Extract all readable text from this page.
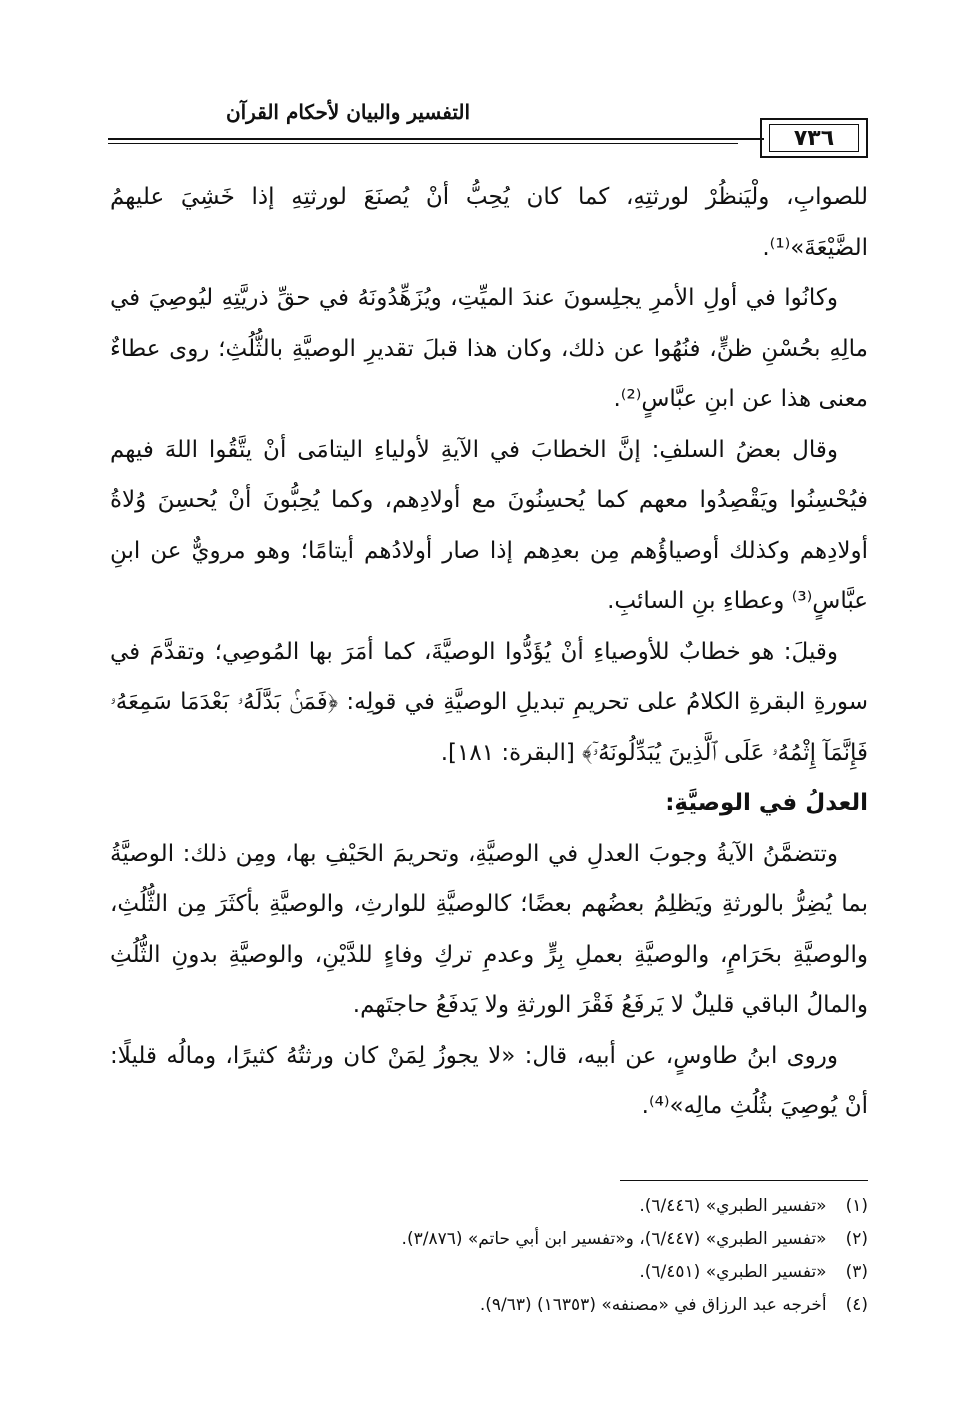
التفسير والبيان لأحكام القرآن
٧٣٦

للصوابِ، ولْيَنظُرْ لورثتِهِ، كما كان يُحِبُّ أنْ يُصنَعَ لورثتِهِ إذا خَشِيَ عليهمُ الضَّيْعَةَ»⁽¹⁾.

وكانُوا في أولِ الأمرِ يجلِسونَ عندَ الميِّتِ، ويُزَهِّدُونَهُ في حقِّ ذريَّتِهِ ليُوصِيَ في مالِهِ بحُسْنِ ظنٍّ، فنُهُوا عن ذلك، وكان هذا قبلَ تقديرِ الوصيَّةِ بالثُّلُثِ؛ روى عطاءٌ معنى هذا عن ابنِ عبَّاسٍ⁽²⁾.

وقال بعضُ السلفِ: إنَّ الخطابَ في الآيةِ لأولياءِ اليتامَى أنْ يتَّقُوا اللهَ فيهم فيُحْسِنُوا ويَقْصِدُوا معهم كما يُحسِنُونَ مع أولادِهم، وكما يُحِبُّونَ أنْ يُحسِنَ وُلاةُ أولادِهم وكذلك أوصياؤُهم مِن بعدِهم إذا صار أولادُهم أيتامًا؛ وهو مرويٌّ عن ابنِ عبَّاسٍ⁽³⁾ وعطاءِ بنِ السائبِ.

وقيلَ: هو خطابٌ للأوصياءِ أنْ يُؤَدُّوا الوصيَّةَ، كما أمَرَ بها المُوصِي؛ وتقدَّمَ في سورةِ البقرةِ الكلامُ على تحريمِ تبديلِ الوصيَّةِ في قولِه: ﴿فَمَنۢ بَدَّلَهُۥ بَعْدَمَا سَمِعَهُۥ فَإِنَّمَآ إِثْمُهُۥ عَلَى ٱلَّذِينَ يُبَدِّلُونَهُۥٓ﴾ [البقرة: ١٨١].

العدلُ في الوصيَّةِ:

وتتضمَّنُ الآيةُ وجوبَ العدلِ في الوصيَّةِ، وتحريمَ الحَيْفِ بها، ومِن ذلك: الوصيَّةُ بما يُضِرُّ بالورثةِ ويَظلِمُ بعضُهم بعضًا؛ كالوصيَّةِ للوارثِ، والوصيَّةِ بأكثَرَ مِن الثُّلُثِ، والوصيَّةِ بحَرَامٍ، والوصيَّةِ بعملِ بِرٍّ وعدمِ تركِ وفاءٍ للدَّيْنِ، والوصيَّةِ بدونِ الثُّلُثِ والمالُ الباقي قليلٌ لا يَرفَعُ فَقْرَ الورثةِ ولا يَدفَعُ حاجتَهم.

وروى ابنُ طاوسٍ، عن أبيه، قال: «لا يجوزُ لِمَنْ كان ورثتُهُ كثيرًا، ومالُه قليلًا: أنْ يُوصِيَ بثُلُثِ مالِه»⁽⁴⁾.

(١) «تفسير الطبري» (٦/٤٤٦).
(٢) «تفسير الطبري» (٦/٤٤٧)، و«تفسير ابن أبي حاتم» (٣/٨٧٦).
(٣) «تفسير الطبري» (٦/٤٥١).
(٤) أخرجه عبد الرزاق في «مصنفه» (١٦٣٥٣) (٩/٦٣).
